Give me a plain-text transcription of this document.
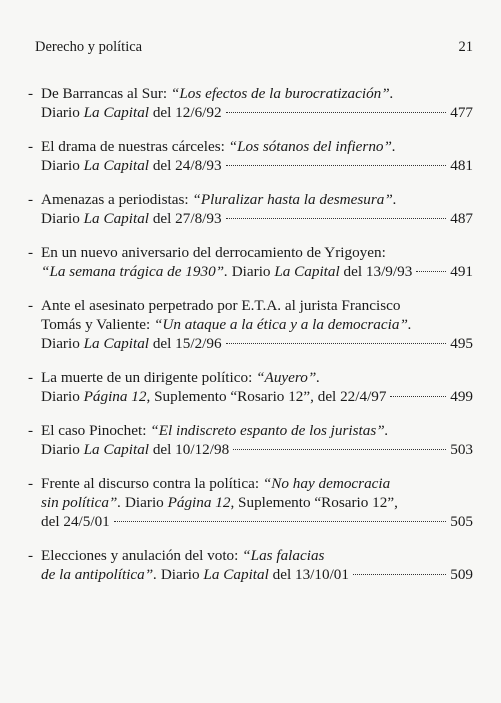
Derecho y política	21
- De Barrancas al Sur: “Los efectos de la burocratización”.
Diario La Capital del 12/6/92	477
- El drama de nuestras cárceles: “Los sótanos del infierno”.
Diario La Capital del 24/8/93	481
- Amenazas a periodistas: “Pluralizar hasta la desmesura”.
Diario La Capital del 27/8/93	487
- En un nuevo aniversario del derrocamiento de Yrigoyen:
“La semana trágica de 1930”. Diario La Capital del 13/9/93 491
- Ante el asesinato perpetrado por E.T.A. al jurista Francisco
Tomás y Valiente: “Un ataque a la ética y a la democracia”.
Diario La Capital del 15/2/96	495
- La muerte de un dirigente político: “Auyero”.
Diario Página 12, Suplemento “Rosario 12”, del 22/4/97	499
- El caso Pinochet: “El indiscreto espanto de los juristas”.
Diario La Capital del 10/12/98	503
- Frente al discurso contra la política: “No hay democracia
sin política”. Diario Página 12, Suplemento “Rosario 12”,
del 24/5/01	505
- Elecciones y anulación del voto: “Las falacias
de la antipolítica”. Diario La Capital del 13/10/01	509
